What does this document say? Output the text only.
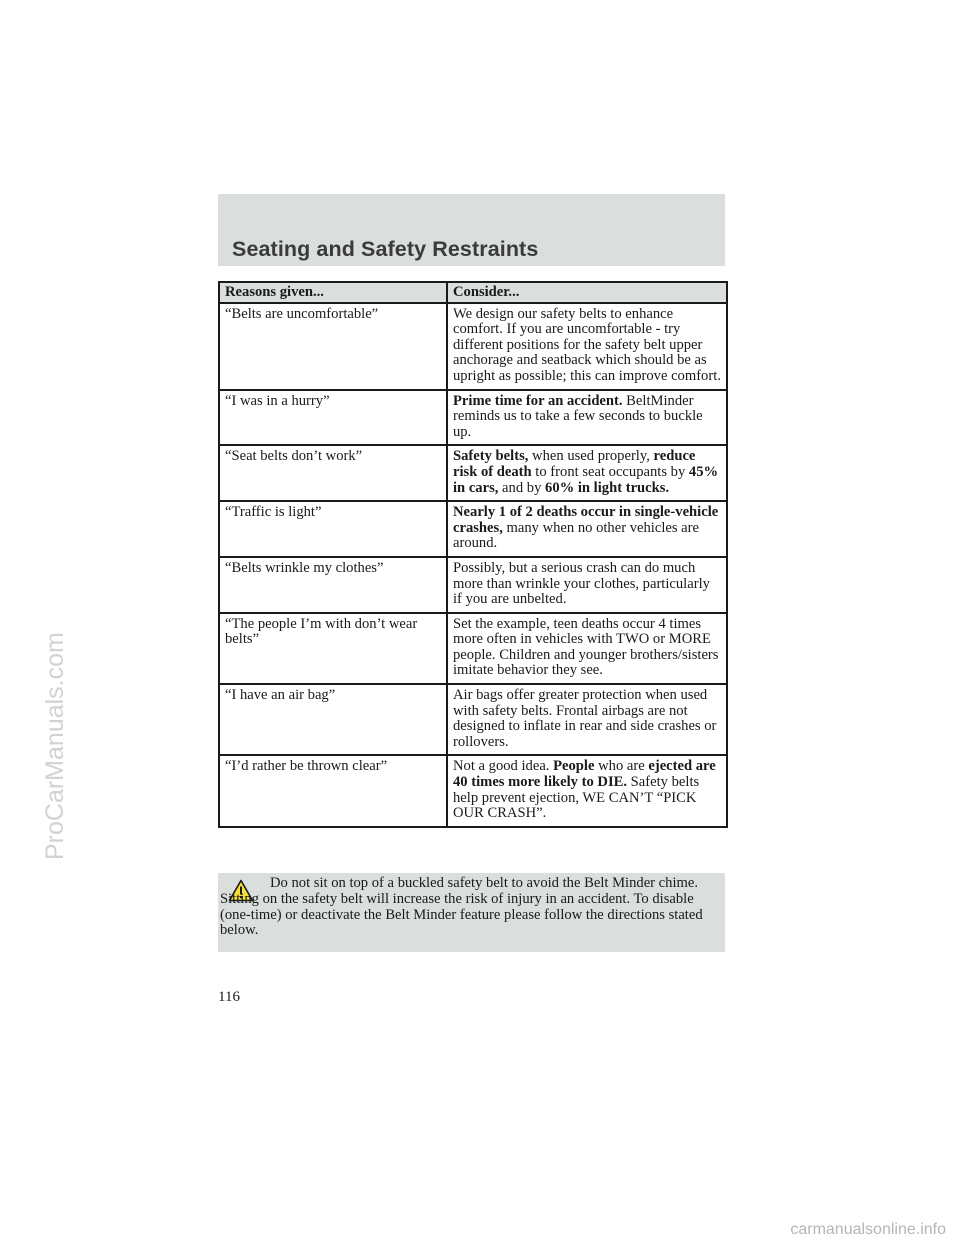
Seating and Safety Restraints
Reasons given...	Consider...
“Belts are uncomfortable”	We design our safety belts to enhance comfort. If you are uncomfortable - try different positions for the safety belt upper anchorage and seatback which should be as upright as possible; this can improve comfort.
“I was in a hurry”	Prime time for an accident. BeltMinder reminds us to take a few seconds to buckle up.
“Seat belts don’t work”	Safety belts, when used properly, reduce risk of death to front seat occupants by 45% in cars, and by 60% in light trucks.
“Traffic is light”	Nearly 1 of 2 deaths occur in single-vehicle crashes, many when no other vehicles are around.
“Belts wrinkle my clothes”	Possibly, but a serious crash can do much more than wrinkle your clothes, particularly if you are unbelted.
“The people I’m with don’t wear belts”	Set the example, teen deaths occur 4 times more often in vehicles with TWO or MORE people. Children and younger brothers/sisters imitate behavior they see.
“I have an air bag”	Air bags offer greater protection when used with safety belts. Frontal airbags are not designed to inflate in rear and side crashes or rollovers.
“I’d rather be thrown clear”	Not a good idea. People who are ejected are 40 times more likely to DIE. Safety belts help prevent ejection, WE CAN’T “PICK OUR CRASH”.

Do not sit on top of a buckled safety belt to avoid the Belt Minder chime. Sitting on the safety belt will increase the risk of injury in an accident. To disable (one-time) or deactivate the Belt Minder feature please follow the directions stated below.

116
ProCarManuals.com
carmanualsonline.info
